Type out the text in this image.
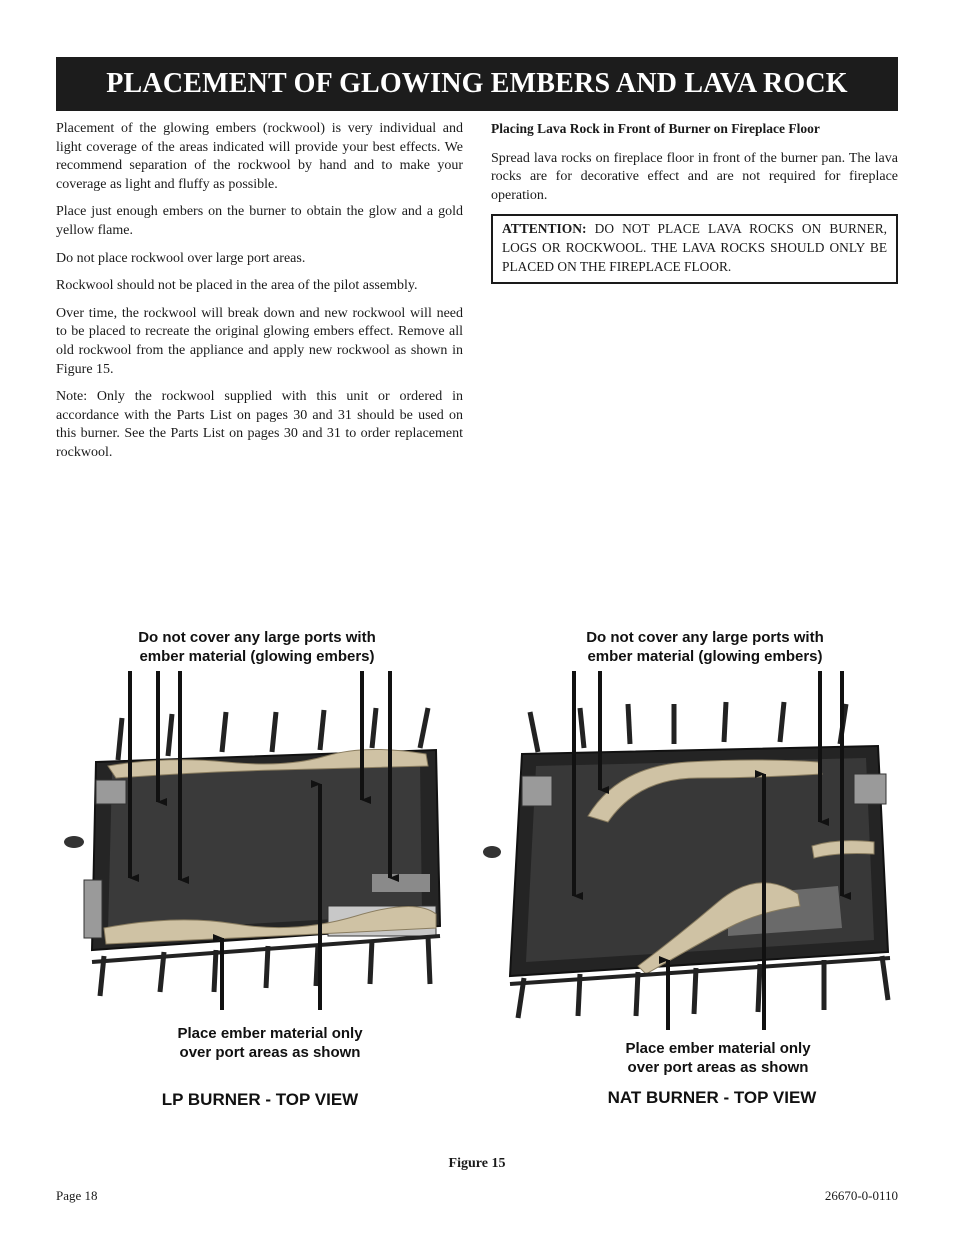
PLACEMENT OF GLOWING EMBERS AND LAVA ROCK

Placement of the glowing embers (rockwool) is very individual and light coverage of the areas indicated will provide your best effects. We recommend separation of the rockwool by hand and to make your coverage as light and fluffy as possible.

Place just enough embers on the burner to obtain the glow and a gold yellow flame.

Do not place rockwool over large port areas.

Rockwool should not be placed in the area of the pilot assembly.

Over time, the rockwool will break down and new rockwool will need to be placed to recreate the original glowing embers effect. Remove all old rockwool from the appliance and apply new rockwool as shown in Figure 15.

Note: Only the rockwool supplied with this unit or ordered in accordance with the Parts List on pages 30 and 31 should be used on this burner. See the Parts List on pages 30 and 31 to order replacement rockwool.

Placing Lava Rock in Front of Burner on Fireplace Floor

Spread lava rocks on fireplace floor in front of the burner pan. The lava rocks are for decorative effect and are not required for fireplace operation.

ATTENTION: DO NOT PLACE LAVA ROCKS ON BURNER, LOGS OR ROCKWOOL. THE LAVA ROCKS SHOULD ONLY BE PLACED ON THE FIREPLACE FLOOR.
Do not cover any large ports with
ember material (glowing embers)
Place ember material only
over port areas as shown
LP BURNER - TOP VIEW
Do not cover any large ports with
ember material (glowing embers)
Place ember material only
over port areas as shown
NAT BURNER - TOP VIEW
Figure 15
Page 18	26670-0-0110
